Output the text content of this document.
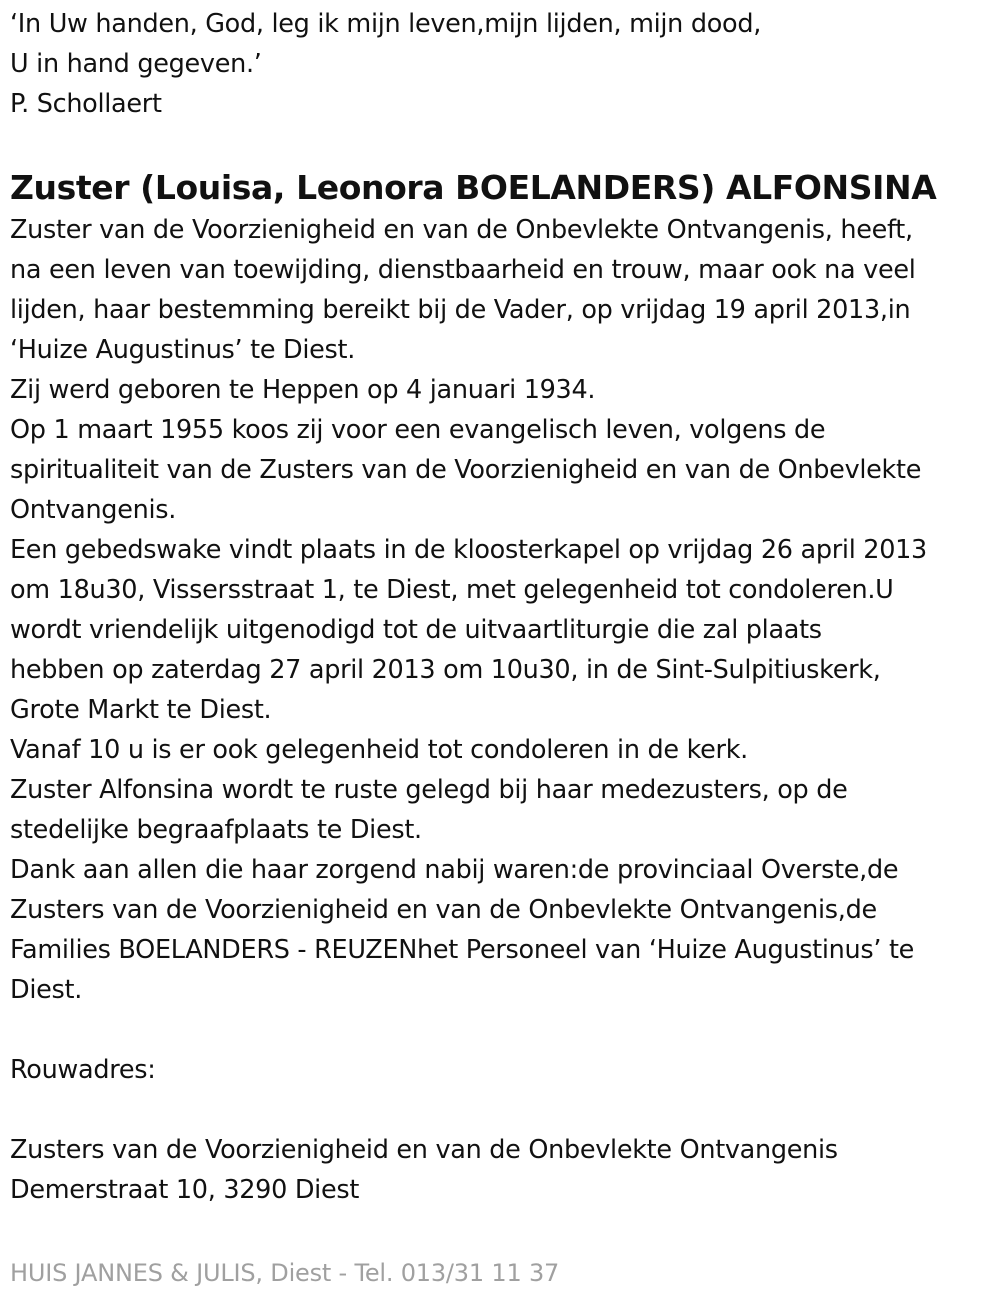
‘In Uw handen, God, leg ik mijn leven,mijn lijden, mijn dood,
U in hand gegeven.’
P. Schollaert
Zuster (Louisa, Leonora BOELANDERS) ALFONSINA
Zuster van de Voorzienigheid en van de Onbevlekte Ontvangenis, heeft,
na een leven van toewijding, dienstbaarheid en trouw, maar ook na veel
lijden, haar bestemming bereikt bij de Vader, op vrijdag 19 april 2013,in
‘Huize Augustinus’ te Diest.
Zij werd geboren te Heppen op 4 januari 1934.
Op 1 maart 1955 koos zij voor een evangelisch leven, volgens de
spiritualiteit van de Zusters van de Voorzienigheid en van de Onbevlekte
Ontvangenis.
Een gebedswake vindt plaats in de kloosterkapel op vrijdag 26 april 2013
om 18u30, Vissersstraat 1, te Diest, met gelegenheid tot condoleren.U
wordt vriendelijk uitgenodigd tot de uitvaartliturgie die zal plaats
hebben op zaterdag 27 april 2013 om 10u30, in de Sint-Sulpitiuskerk,
Grote Markt te Diest.
Vanaf 10 u is er ook gelegenheid tot condoleren in de kerk.
Zuster Alfonsina wordt te ruste gelegd bij haar medezusters, op de
stedelijke begraafplaats te Diest.
Dank aan allen die haar zorgend nabij waren:de provinciaal Overste,de
Zusters van de Voorzienigheid en van de Onbevlekte Ontvangenis,de
Families BOELANDERS - REUZENhet Personeel van ‘Huize Augustinus’ te
Diest.
Rouwadres:
Zusters van de Voorzienigheid en van de Onbevlekte Ontvangenis
Demerstraat 10, 3290 Diest
HUIS JANNES & JULIS, Diest - Tel. 013/31 11 37
